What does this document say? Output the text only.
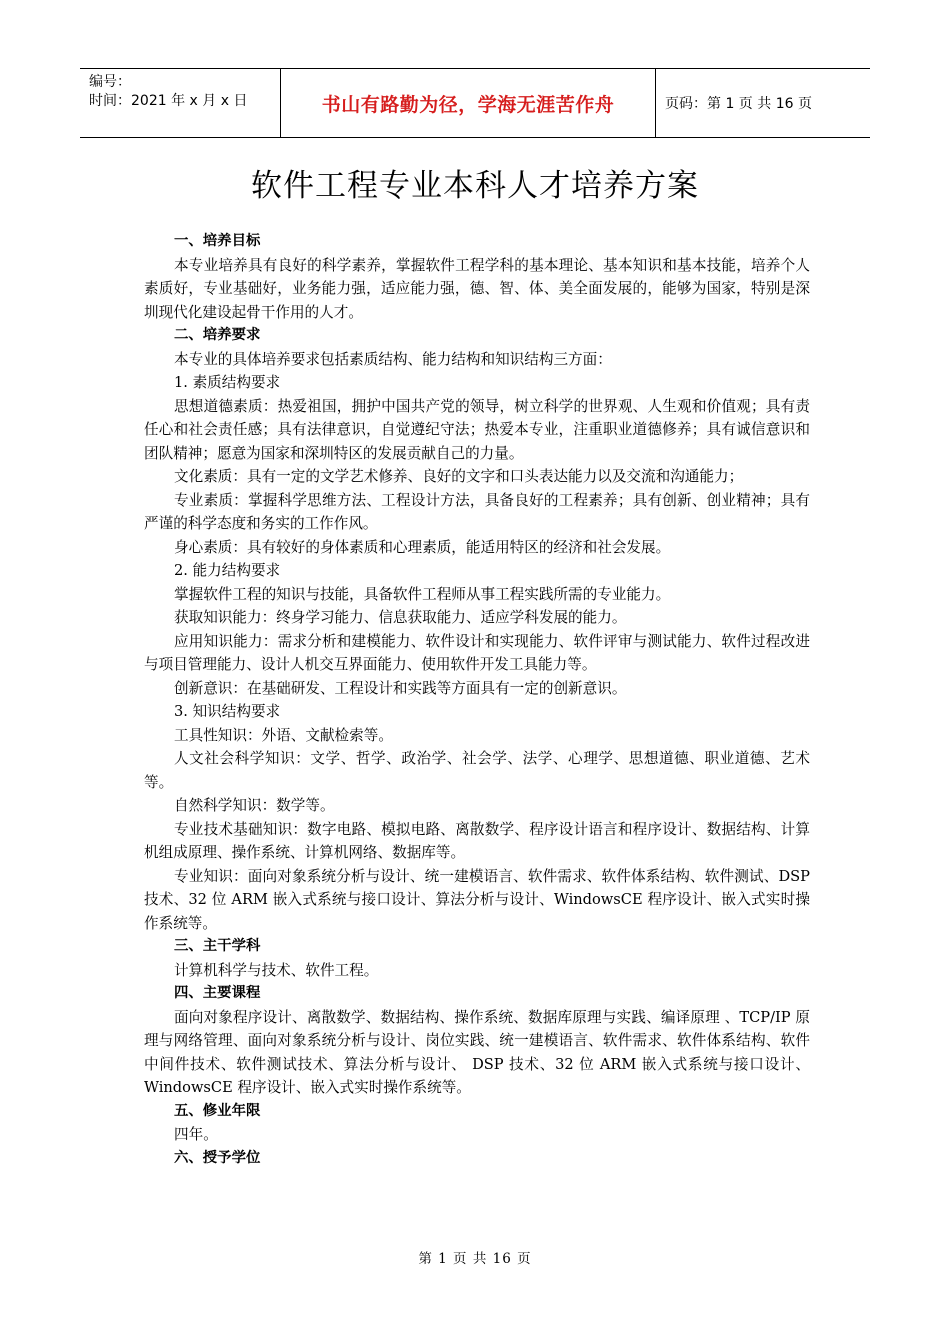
编号：
时间：2021 年 x 月 x 日	书山有路勤为径，学海无涯苦作舟	页码：第 1 页 共 16 页
软件工程专业本科人才培养方案

一、培养目标

本专业培养具有良好的科学素养，掌握软件工程学科的基本理论、基本知识和基本技能，培养个人素质好，专业基础好，业务能力强，适应能力强，德、智、体、美全面发展的，能够为国家，特别是深圳现代化建设起骨干作用的人才。

二、培养要求

本专业的具体培养要求包括素质结构、能力结构和知识结构三方面：

1. 素质结构要求

思想道德素质：热爱祖国，拥护中国共产党的领导，树立科学的世界观、人生观和价值观；具有责任心和社会责任感；具有法律意识，自觉遵纪守法；热爱本专业，注重职业道德修养；具有诚信意识和团队精神；愿意为国家和深圳特区的发展贡献自己的力量。

文化素质：具有一定的文学艺术修养、良好的文字和口头表达能力以及交流和沟通能力；

专业素质：掌握科学思维方法、工程设计方法，具备良好的工程素养；具有创新、创业精神；具有严谨的科学态度和务实的工作作风。

身心素质：具有较好的身体素质和心理素质，能适用特区的经济和社会发展。

2. 能力结构要求

掌握软件工程的知识与技能，具备软件工程师从事工程实践所需的专业能力。

获取知识能力：终身学习能力、信息获取能力、适应学科发展的能力。

应用知识能力：需求分析和建模能力、软件设计和实现能力、软件评审与测试能力、软件过程改进与项目管理能力、设计人机交互界面能力、使用软件开发工具能力等。

创新意识：在基础研发、工程设计和实践等方面具有一定的创新意识。

3. 知识结构要求

工具性知识：外语、文献检索等。

人文社会科学知识：文学、哲学、政治学、社会学、法学、心理学、思想道德、职业道德、艺术等。

自然科学知识：数学等。

专业技术基础知识：数字电路、模拟电路、离散数学、程序设计语言和程序设计、数据结构、计算机组成原理、操作系统、计算机网络、数据库等。

专业知识：面向对象系统分析与设计、统一建模语言、软件需求、软件体系结构、软件测试、DSP 技术、32 位 ARM 嵌入式系统与接口设计、算法分析与设计、WindowsCE 程序设计、嵌入式实时操作系统等。

三、主干学科

计算机科学与技术、软件工程。

四、主要课程

面向对象程序设计、离散数学、数据结构、操作系统、数据库原理与实践、编译原理 、TCP/IP 原理与网络管理、面向对象系统分析与设计、岗位实践、统一建模语言、软件需求、软件体系结构、软件中间件技术、软件测试技术、算法分析与设计、 DSP 技术、32 位 ARM 嵌入式系统与接口设计、WindowsCE 程序设计、嵌入式实时操作系统等。

五、修业年限

四年。

六、授予学位

第 1 页 共 16 页
